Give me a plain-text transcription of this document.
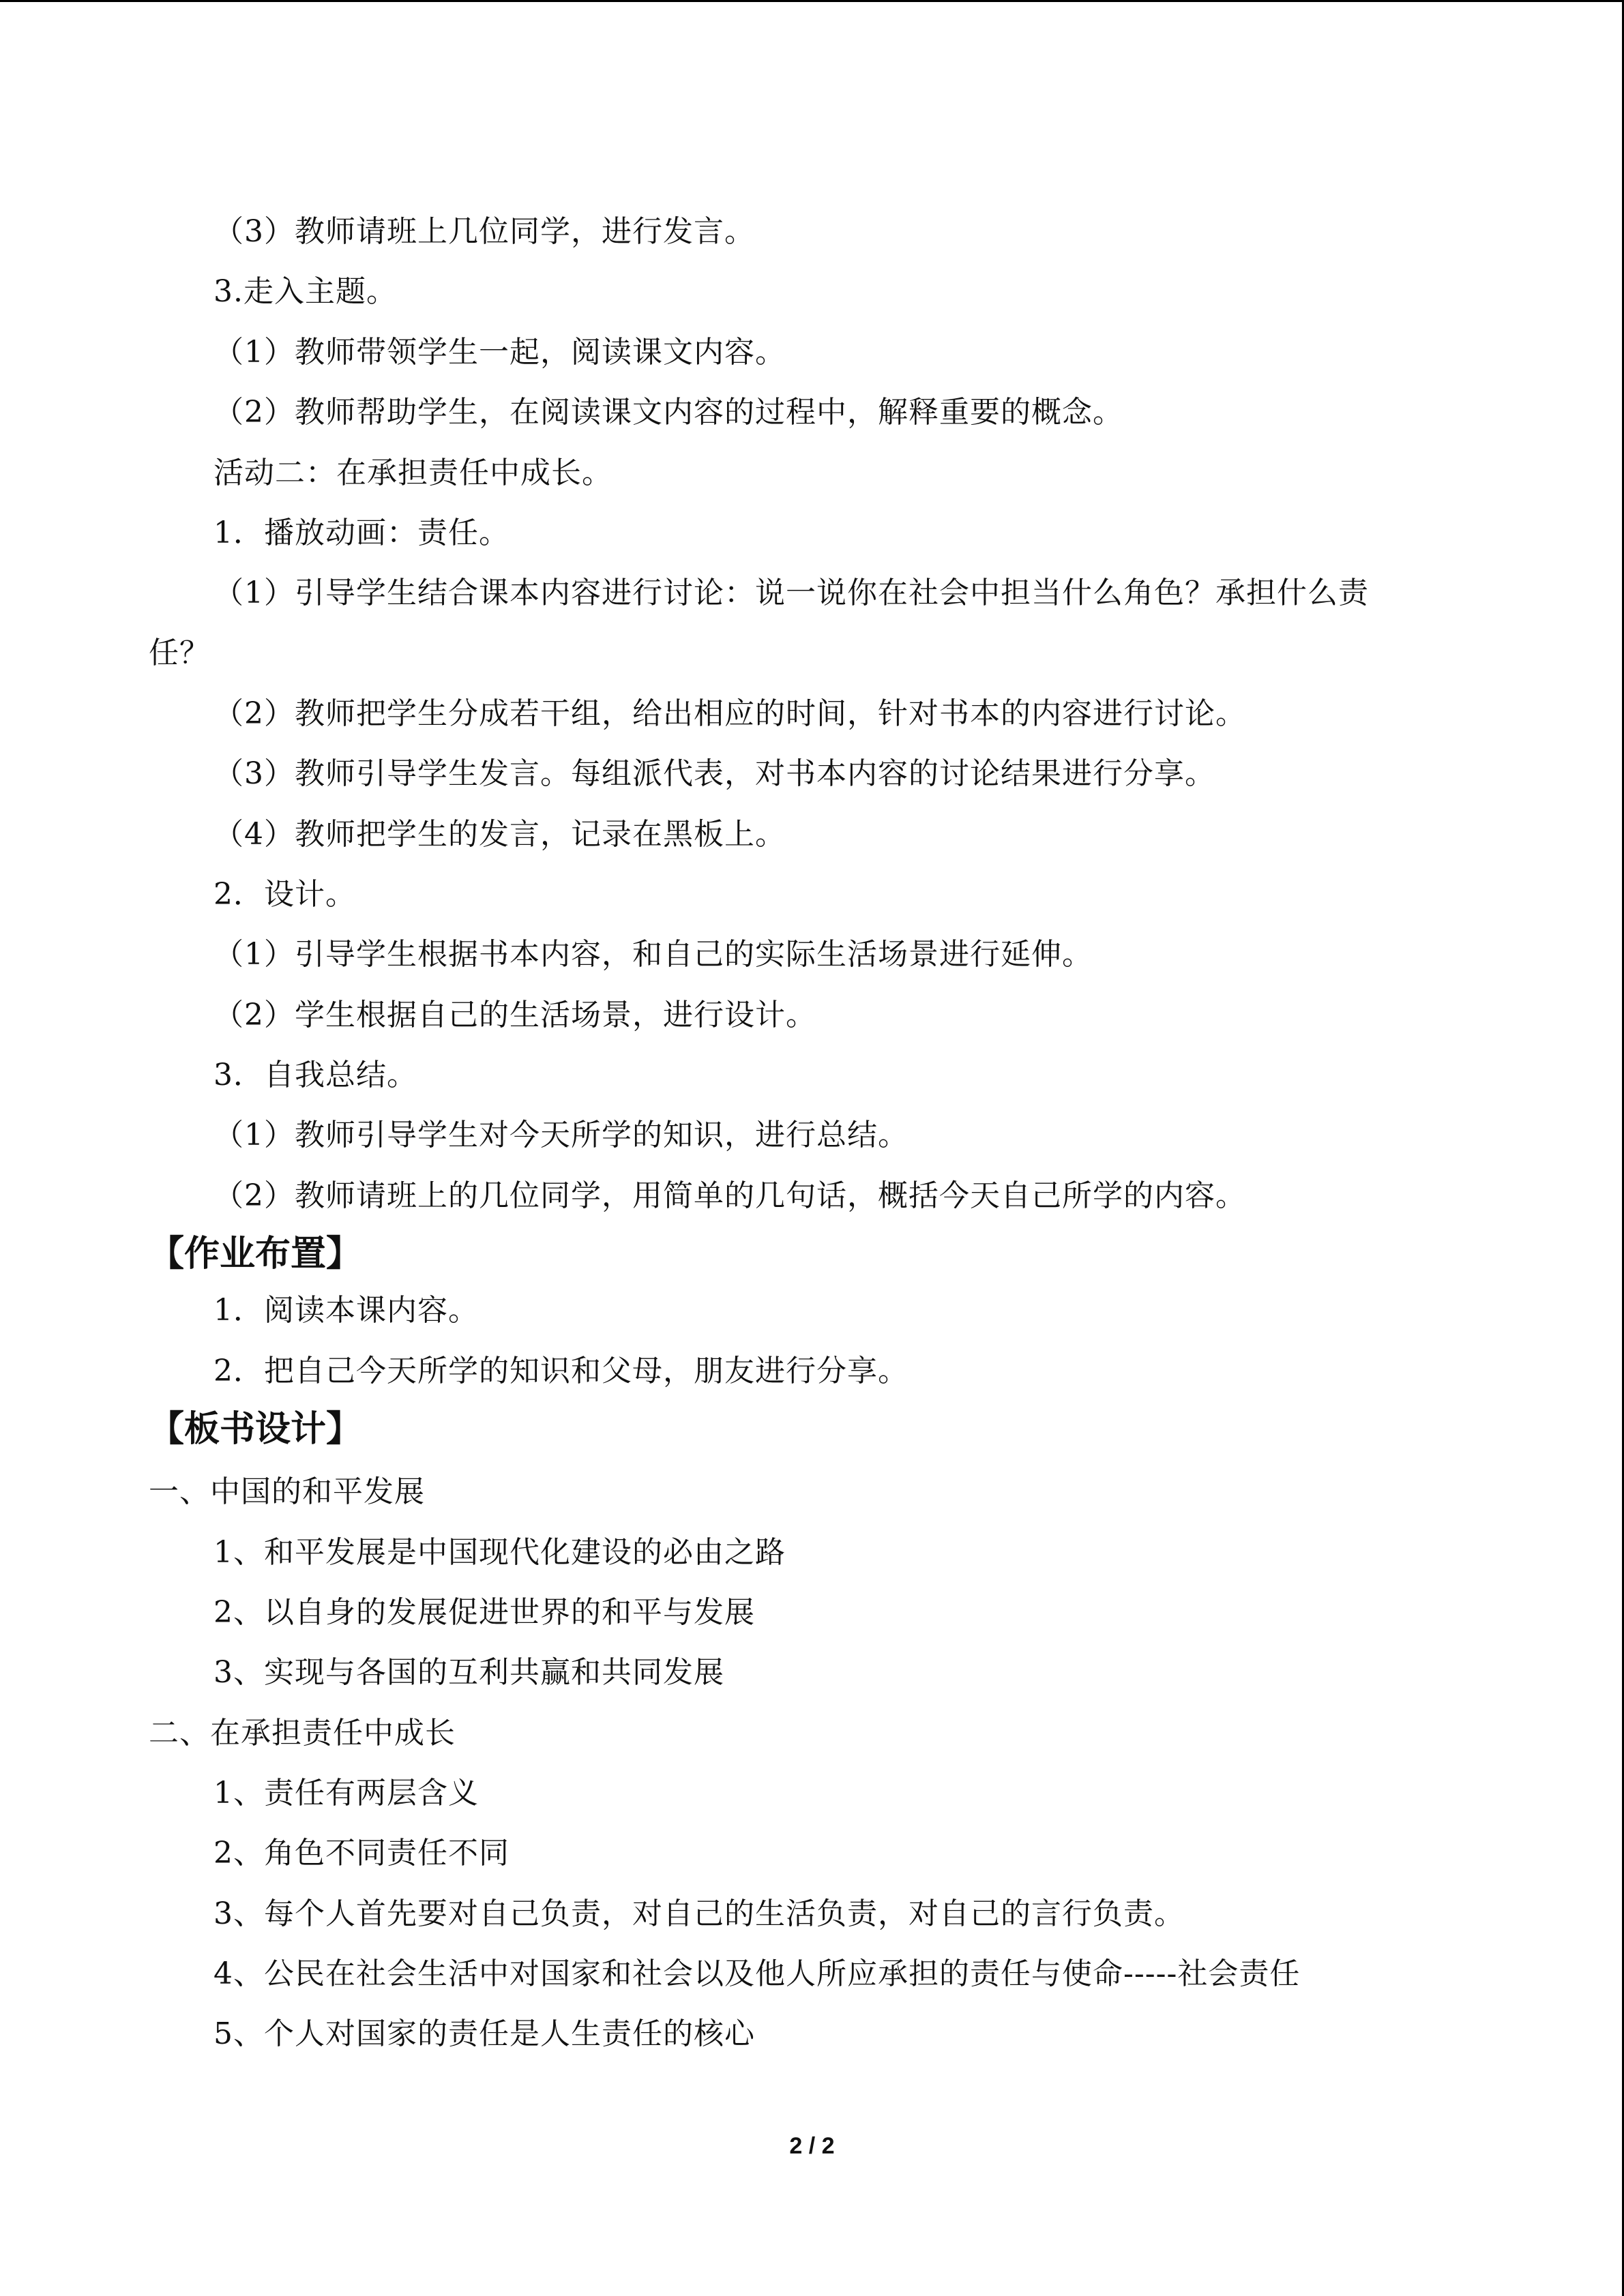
（3）教师请班上几位同学，进行发言。
3.走入主题。
（1）教师带领学生一起，阅读课文内容。
（2）教师帮助学生，在阅读课文内容的过程中，解释重要的概念。
活动二：在承担责任中成长。
1．播放动画：责任。
（1）引导学生结合课本内容进行讨论：说一说你在社会中担当什么角色？承担什么责
任？
（2）教师把学生分成若干组，给出相应的时间，针对书本的内容进行讨论。
（3）教师引导学生发言。每组派代表，对书本内容的讨论结果进行分享。
（4）教师把学生的发言，记录在黑板上。
2．设计。
（1）引导学生根据书本内容，和自己的实际生活场景进行延伸。
（2）学生根据自己的生活场景，进行设计。
3．自我总结。
（1）教师引导学生对今天所学的知识，进行总结。
（2）教师请班上的几位同学，用简单的几句话，概括今天自己所学的内容。
【作业布置】
1．阅读本课内容。
2．把自己今天所学的知识和父母，朋友进行分享。
【板书设计】
一、中国的和平发展
1、和平发展是中国现代化建设的必由之路
2、以自身的发展促进世界的和平与发展
3、实现与各国的互利共赢和共同发展
二、在承担责任中成长
1、责任有两层含义
2、角色不同责任不同
3、每个人首先要对自己负责，对自己的生活负责，对自己的言行负责。
4、公民在社会生活中对国家和社会以及他人所应承担的责任与使命-----社会责任
5、个人对国家的责任是人生责任的核心
2 / 2
